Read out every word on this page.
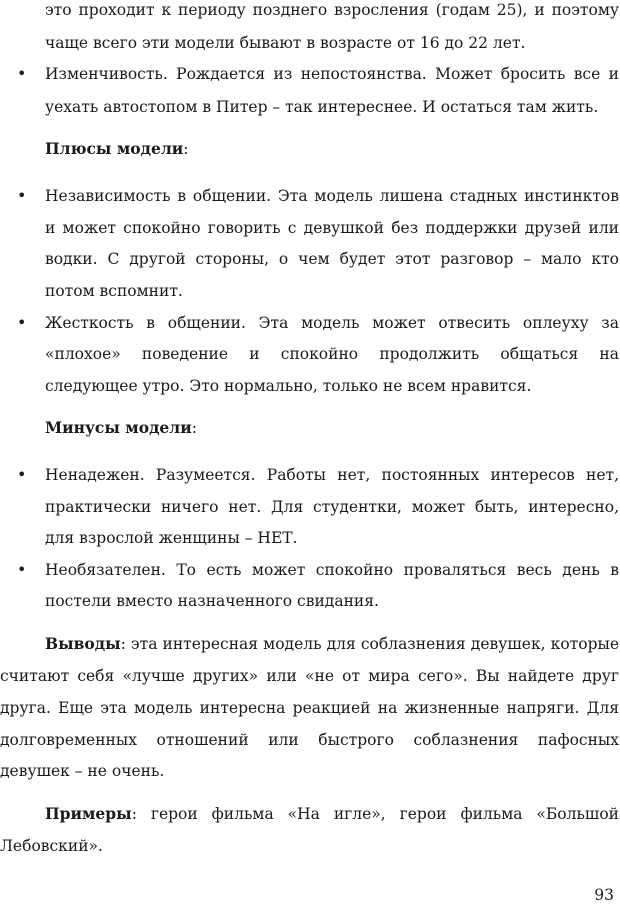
это проходит к периоду позднего взросления (годам 25), и поэтому
чаще всего эти модели бывают в возрасте от 16 до 22 лет.
• Изменчивость. Рождается из непостоянства. Может бросить все и
уехать автостопом в Питер – так интереснее. И остаться там жить.
Плюсы модели:
• Независимость в общении. Эта модель лишена стадных инстинктов
и может спокойно говорить с девушкой без поддержки друзей или
водки. С другой стороны, о чем будет этот разговор – мало кто
потом вспомнит.
• Жесткость в общении. Эта модель может отвесить оплеуху за
«плохое» поведение и спокойно продолжить общаться на
следующее утро. Это нормально, только не всем нравится.
Минусы модели:
• Ненадежен. Разумеется. Работы нет, постоянных интересов нет,
практически ничего нет. Для студентки, может быть, интересно,
для взрослой женщины – НЕТ.
• Необязателен. То есть может спокойно проваляться весь день в
постели вместо назначенного свидания.
Выводы: эта интересная модель для соблазнения девушек, которые
считают себя «лучше других» или «не от мира сего». Вы найдете друг
друга. Еще эта модель интересна реакцией на жизненные напряги. Для
долговременных отношений или быстрого соблазнения пафосных
девушек – не очень.
Примеры: герои фильма «На игле», герои фильма «Большой
Лебовский».
93
